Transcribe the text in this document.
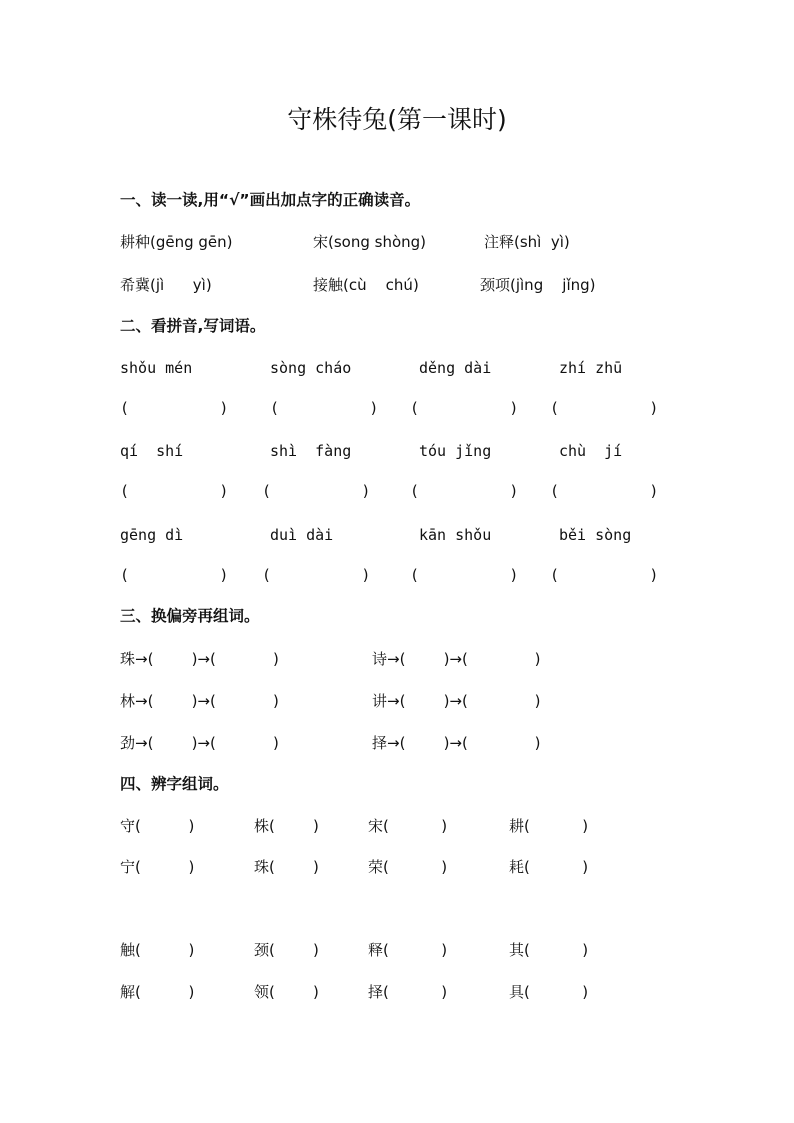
守株待兔(第一课时)
一、读一读,用“√”画出加点字的正确读音。
耕种(gēng gēn)	宋(song shòng)	注释(shì  yì)
希冀(jì      yì)	接触(cù    chú)	颈项(jìng    jǐng)
二、看拼音,写词语。
shǒu mén	sòng cháo	děng dài	zhí zhū
(          )	(          ) (          ) (          )
qí  shí	shì  fàng	tóu jǐng	chù  jí
(          ) (          )	(          ) (          )
gēng dì	duì dài	kān shǒu	běi sòng
(          ) (          )	(          ) (          )
三、换偏旁再组词。
珠→(        )→(            )	诗→(        )→(              )
林→(        )→(            )	讲→(        )→(              )
劲→(        )→(            )	择→(        )→(              )
四、辨字组词。
守(          )	株(        )	宋(           )	耕(           )
宁(          )	珠(        )	荣(           )	耗(           )
触(          )	颈(        )	释(           )	其(           )
解(          )	领(        )	择(           )	具(           )
